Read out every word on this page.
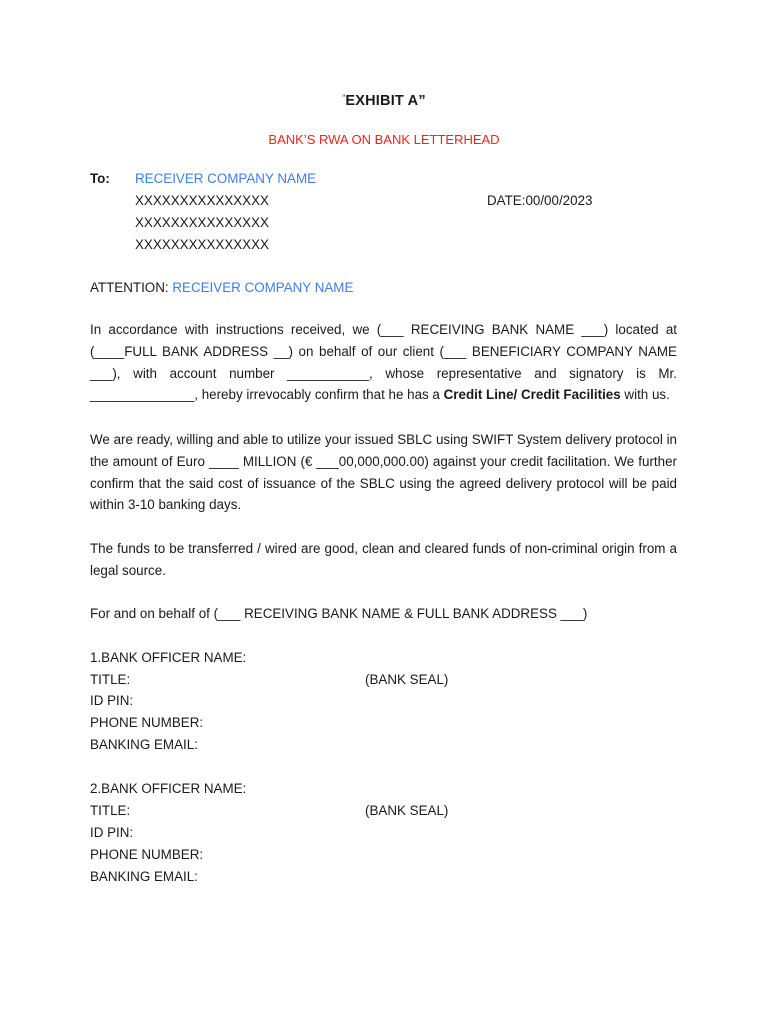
“EXHIBIT A”
BANK’S RWA ON BANK LETTERHEAD
To: RECEIVER COMPANY NAME
XXXXXXXXXXXXXXX	DATE:00/00/2023
XXXXXXXXXXXXXXX
XXXXXXXXXXXXXXX
ATTENTION: RECEIVER COMPANY NAME
In accordance with instructions received, we (___ RECEIVING BANK NAME ___) located at (____FULL BANK ADDRESS __) on behalf of our client (___ BENEFICIARY COMPANY NAME ___), with account number ___________, whose representative and signatory is Mr. ______________, hereby irrevocably confirm that he has a Credit Line/ Credit Facilities with us.
We are ready, willing and able to utilize your issued SBLC using SWIFT System delivery protocol in the amount of Euro ____ MILLION (€ ___00,000,000.00) against your credit facilitation. We further confirm that the said cost of issuance of the SBLC using the agreed delivery protocol will be paid within 3-10 banking days.
The funds to be transferred / wired are good, clean and cleared funds of non-criminal origin from a legal source.
For and on behalf of (___ RECEIVING BANK NAME & FULL BANK ADDRESS ___)
1.BANK OFFICER NAME:
TITLE:	(BANK SEAL)
ID PIN:
PHONE NUMBER:
BANKING EMAIL:
2.BANK OFFICER NAME:
TITLE:	(BANK SEAL)
ID PIN:
PHONE NUMBER:
BANKING EMAIL:
